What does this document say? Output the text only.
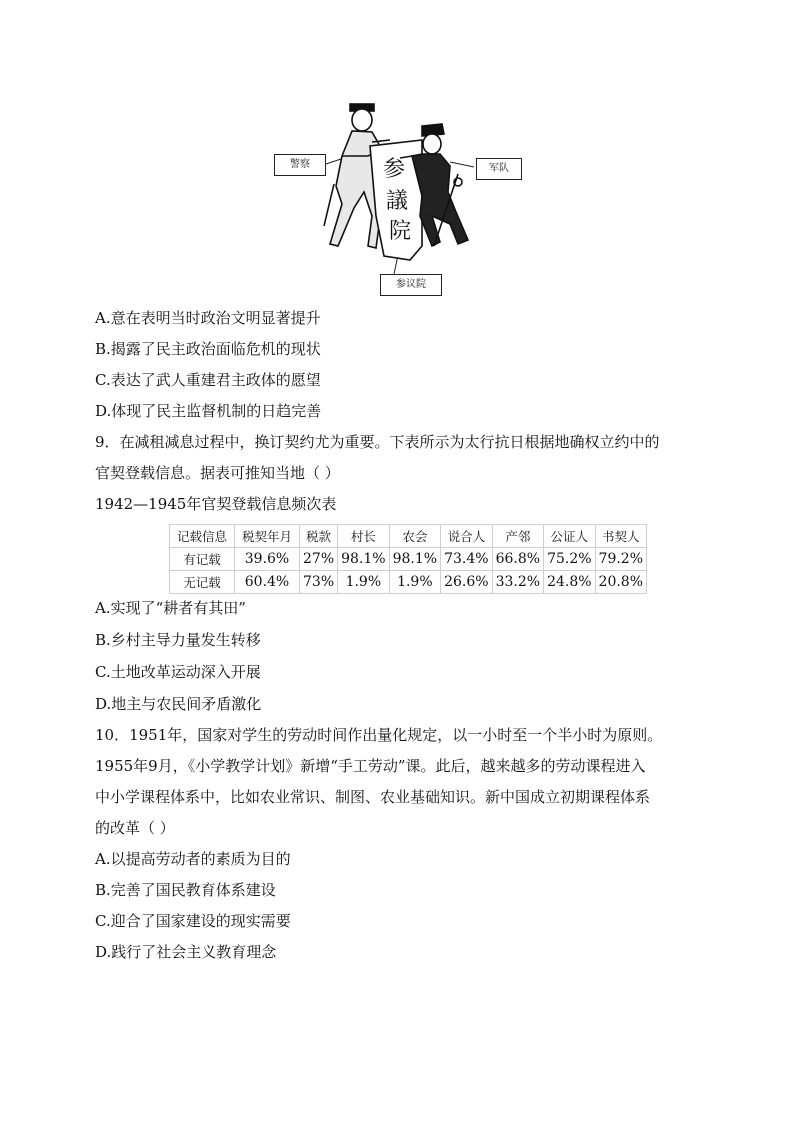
参
議
院
警察	军队
参议院
A.意在表明当时政治文明显著提升
B.揭露了民主政治面临危机的现状
C.表达了武人重建君主政体的愿望
D.体现了民主监督机制的日趋完善
9．在减租减息过程中，换订契约尤为重要。下表所示为太行抗日根据地确权立约中的
官契登载信息。据表可推知当地（ ）
1942—1945年官契登载信息频次表
记载信息	税契年月	税款	村长	农会	说合人	产邻	公证人	书契人
有记载	39.6%	27%	98.1%	98.1%	73.4%	66.8%	75.2%	79.2%
无记载	60.4%	73%	1.9%	1.9%	26.6%	33.2%	24.8%	20.8%
A.实现了“耕者有其田”
B.乡村主导力量发生转移
C.土地改革运动深入开展
D.地主与农民间矛盾激化
10．1951年，国家对学生的劳动时间作出量化规定，以一小时至一个半小时为原则。
1955年9月，《小学教学计划》新增“手工劳动”课。此后，越来越多的劳动课程进入
中小学课程体系中，比如农业常识、制图、农业基础知识。新中国成立初期课程体系
的改革（ ）
A.以提高劳动者的素质为目的
B.完善了国民教育体系建设
C.迎合了国家建设的现实需要
D.践行了社会主义教育理念
